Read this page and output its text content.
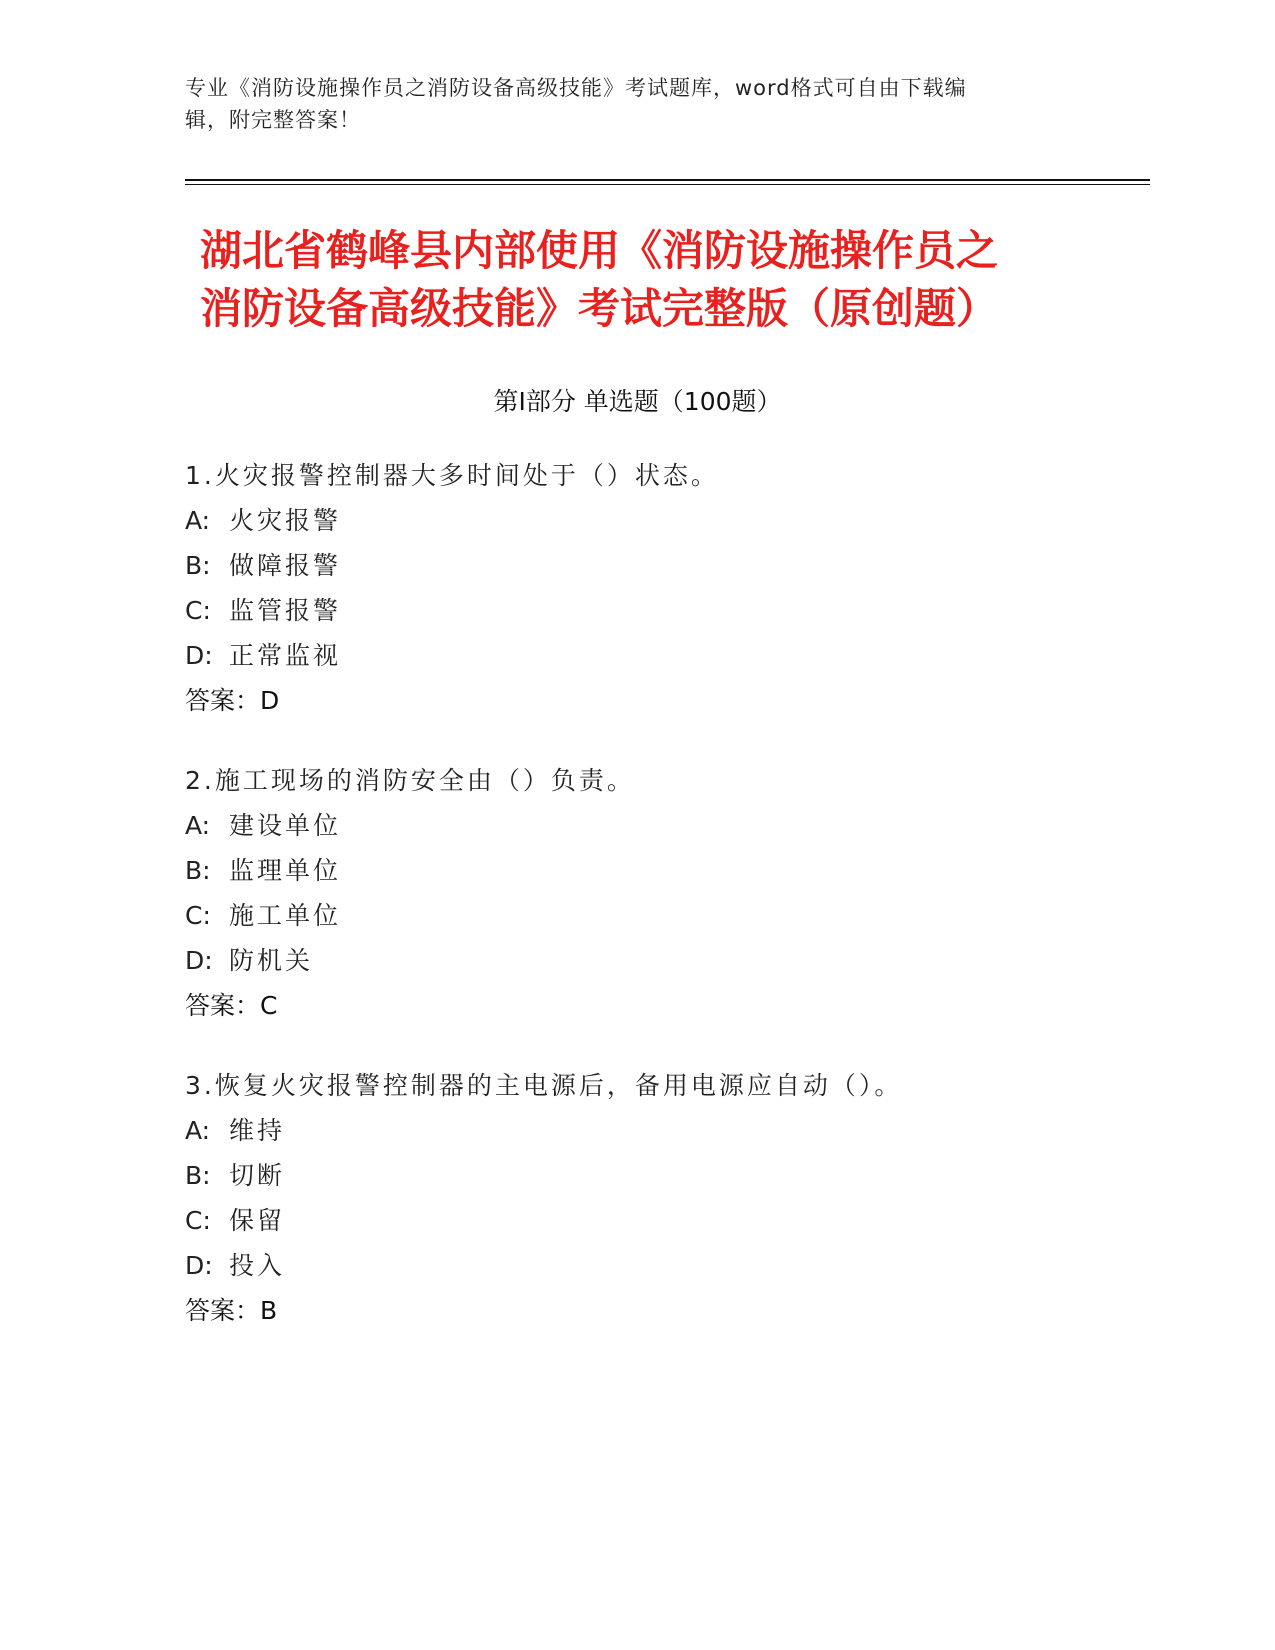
专业《消防设施操作员之消防设备高级技能》考试题库，word格式可自由下载编
辑，附完整答案！
湖北省鹤峰县内部使用《消防设施操作员之
消防设备高级技能》考试完整版（原创题）
第Ⅰ部分 单选题（100题）
1.火灾报警控制器大多时间处于（）状态。
A: 火灾报警
B: 做障报警
C: 监管报警
D: 正常监视
答案：D
2.施工现场的消防安全由（）负责。
A: 建设单位
B: 监理单位
C: 施工单位
D: 防机关
答案：C
3.恢复火灾报警控制器的主电源后，备用电源应自动（）。
A: 维持
B: 切断
C: 保留
D: 投入
答案：B
